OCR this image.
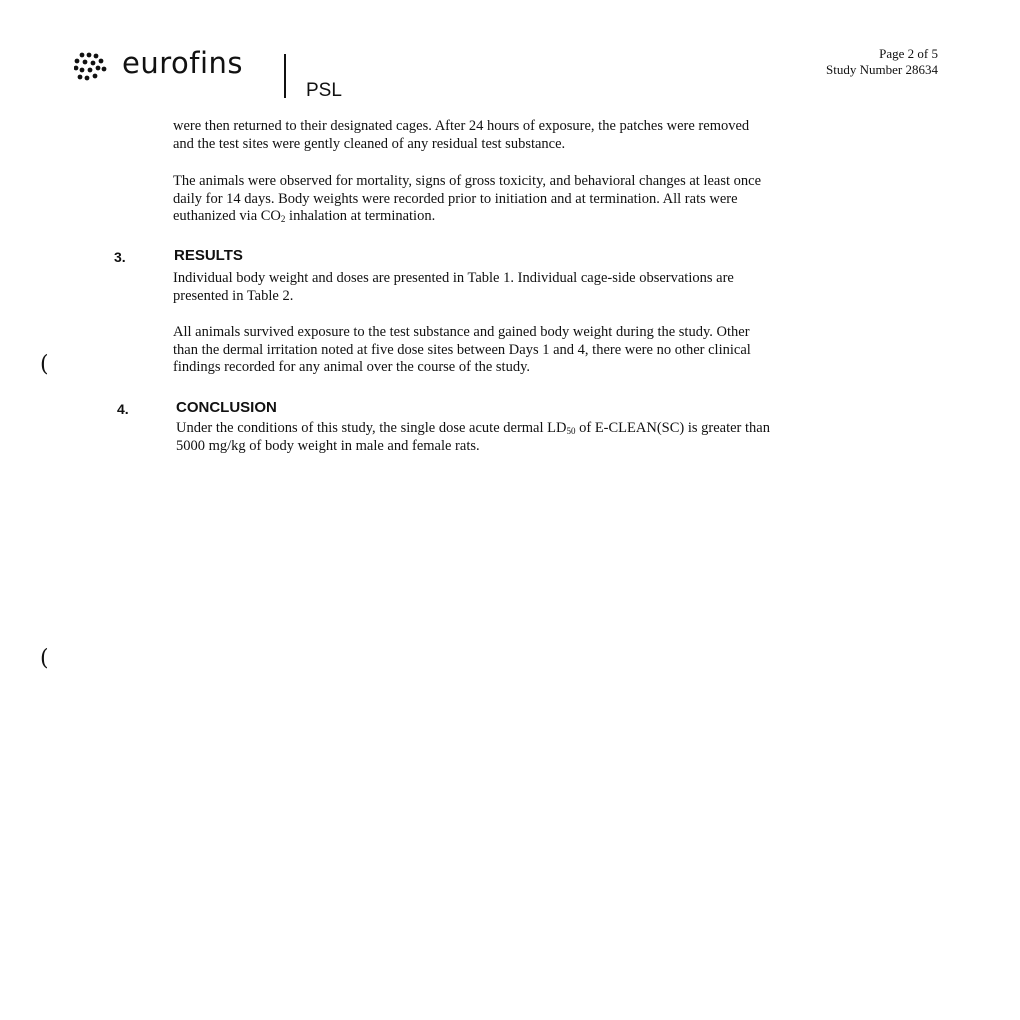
eurofins
PSL
Page 2 of 5
Study Number 28634

were then returned to their designated cages. After 24 hours of exposure, the patches were removed
and the test sites were gently cleaned of any residual test substance.

The animals were observed for mortality, signs of gross toxicity, and behavioral changes at least once
daily for 14 days. Body weights were recorded prior to initiation and at termination. All rats were
euthanized via $CO_2$ inhalation at termination.

3.	RESULTS

Individual body weight and doses are presented in Table 1. Individual cage-side observations are
presented in Table 2.

All animals survived exposure to the test substance and gained body weight during the study. Other
than the dermal irritation noted at five dose sites between Days 1 and 4, there were no other clinical
findings recorded for any animal over the course of the study.

4.	CONCLUSION

Under the conditions of this study, the single dose acute dermal $LD_{50}$ of E-CLEAN(SC) is greater than
5000 mg/kg of body weight in male and female rats.

(
(
